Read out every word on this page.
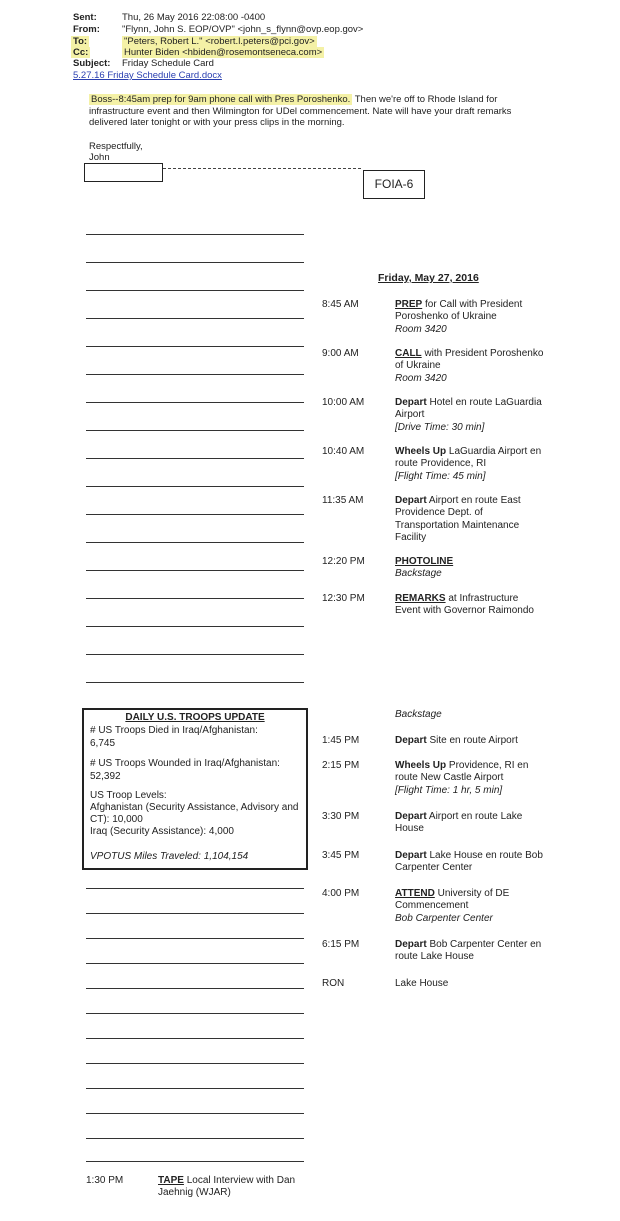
Sent:	Thu, 26 May 2016 22:08:00 -0400
From: "Flynn, John S. EOP/OVP" <john_s_flynn@ovp.eop.gov>
To:	"Peters, Robert L." <robert.l.peters@pci.gov>
Cc:	Hunter Biden <hbiden@rosemontseneca.com>
Subject: Friday Schedule Card
5.27.16 Friday Schedule Card.docx
Boss--8:45am prep for 9am phone call with Pres Poroshenko. Then we're off to Rhode Island for infrastructure event and then Wilmington for UDel commencement. Nate will have your draft remarks delivered later tonight or with your press clips in the morning.
Respectfully,
John
FOIA-6
Friday, May 27, 2016
8:45 AM	PREP for Call with President Poroshenko of Ukraine
Room 3420
9:00 AM	CALL with President Poroshenko of Ukraine
Room 3420
10:00 AM	Depart Hotel en route LaGuardia Airport
[Drive Time: 30 min]
10:40 AM	Wheels Up LaGuardia Airport en route Providence, RI
[Flight Time: 45 min]
11:35 AM	Depart Airport en route East Providence Dept. of Transportation Maintenance Facility
12:20 PM	PHOTOLINE
Backstage
12:30 PM	REMARKS at Infrastructure Event with Governor Raimondo
Backstage
1:45 PM	Depart Site en route Airport
2:15 PM	Wheels Up Providence, RI en route New Castle Airport
[Flight Time: 1 hr, 5 min]
3:30 PM	Depart Airport en route Lake House
3:45 PM	Depart Lake House en route Bob Carpenter Center
4:00 PM	ATTEND University of DE Commencement
Bob Carpenter Center
6:15 PM	Depart Bob Carpenter Center en route Lake House
RON	Lake House
DAILY U.S. TROOPS UPDATE
# US Troops Died in Iraq/Afghanistan:
6,745
# US Troops Wounded in Iraq/Afghanistan:
52,392
US Troop Levels:
Afghanistan (Security Assistance, Advisory and CT): 10,000
Iraq (Security Assistance): 4,000
VPOTUS Miles Traveled: 1,104,154
1:30 PM	TAPE Local Interview with Dan Jaehnig (WJAR)
